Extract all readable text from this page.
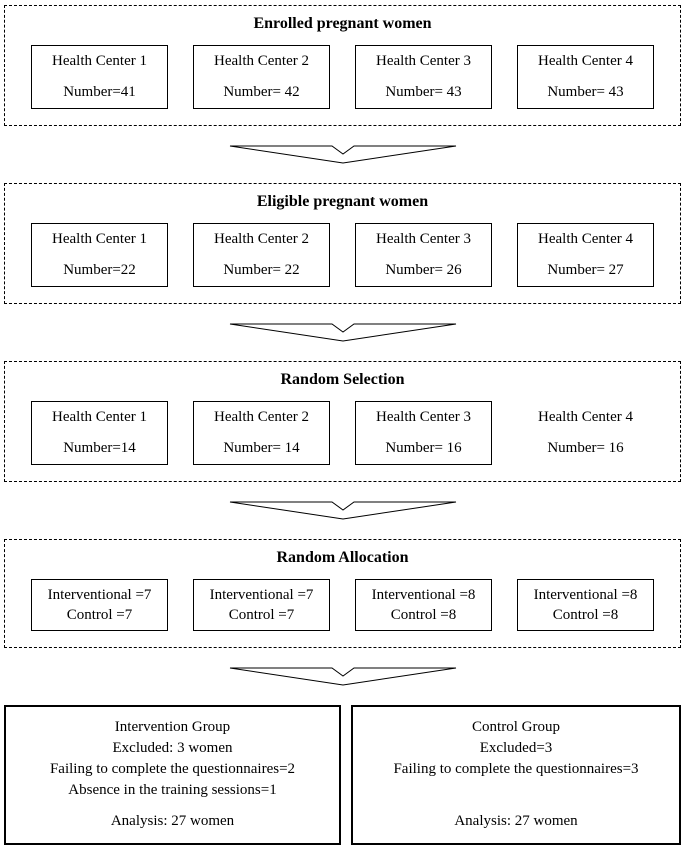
Enrolled pregnant women
Health Center 1
Number=41
Health Center 2
Number= 42
Health Center 3
Number= 43
Health Center 4
Number= 43
Eligible pregnant women
Health Center 1
Number=22
Health Center 2
Number= 22
Health Center 3
Number= 26
Health Center 4
Number= 27
Random Selection
Health Center 1
Number=14
Health Center 2
Number= 14
Health Center 3
Number= 16
Health Center 4
Number= 16
Random Allocation
Interventional =7
Control =7
Interventional =7
Control =7
Interventional =8
Control =8
Interventional =8
Control =8
Intervention Group
Excluded: 3 women
Failing to complete the questionnaires=2
Absence in the training sessions=1
Analysis: 27 women
Control Group
Excluded=3
Failing to complete the questionnaires=3
Analysis: 27 women
